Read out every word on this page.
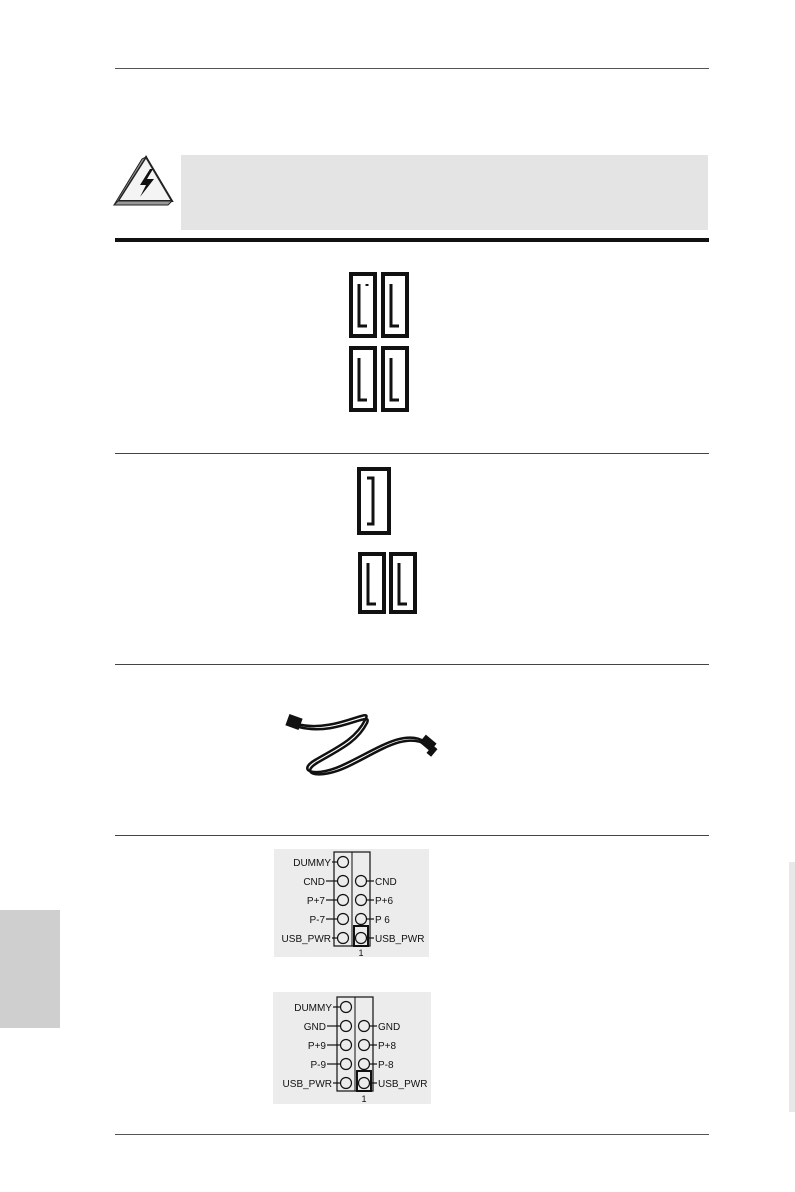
DUMMY
CND
P+7
P-7
USB_PWR
CND
P+6
P 6
USB_PWR
1
DUMMY
GND
P+9
P-9
USB_PWR
GND
P+8
P-8
USB_PWR
1
